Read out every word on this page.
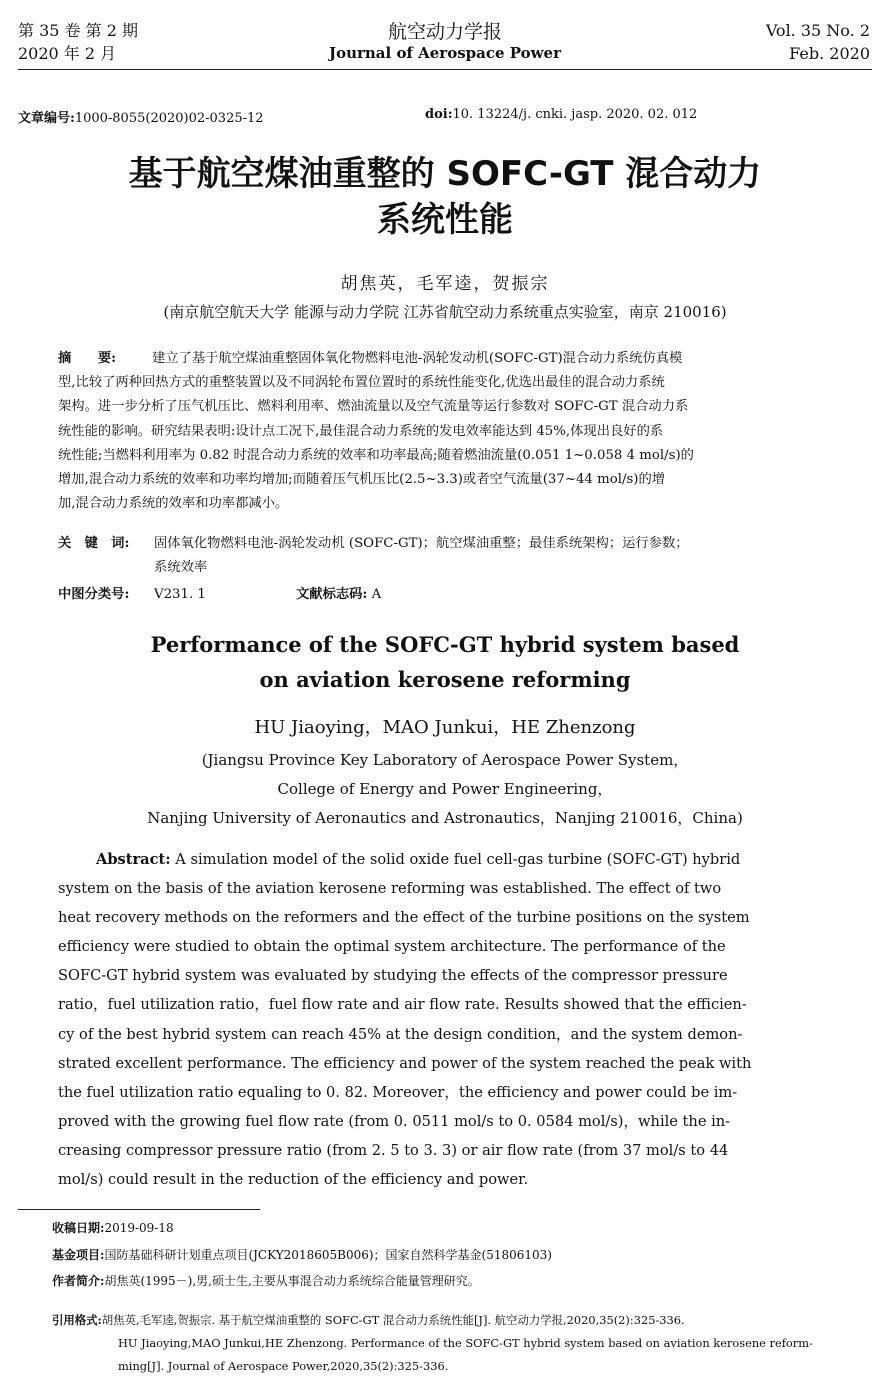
第 35 卷 第 2 期
2020 年 2 月
航空动力学报
Journal of Aerospace Power
Vol. 35 No. 2
Feb. 2020
文章编号:1000-8055(2020)02-0325-12	doi:10. 13224/j. cnki. jasp. 2020. 02. 012
基于航空煤油重整的 SOFC-GT 混合动力
系统性能
胡焦英，毛军逵，贺振宗
(南京航空航天大学 能源与动力学院 江苏省航空动力系统重点实验室，南京 210016)
摘　　要:	建立了基于航空煤油重整固体氧化物燃料电池-涡轮发动机(SOFC-GT)混合动力系统仿真模
型,比较了两种回热方式的重整装置以及不同涡轮布置位置时的系统性能变化,优选出最佳的混合动力系统
架构。进一步分析了压气机压比、燃料利用率、燃油流量以及空气流量等运行参数对 SOFC-GT 混合动力系
统性能的影响。研究结果表明:设计点工况下,最佳混合动力系统的发电效率能达到 45%,体现出良好的系
统性能;当燃料利用率为 0.82 时混合动力系统的效率和功率最高;随着燃油流量(0.051 1~0.058 4 mol/s)的
增加,混合动力系统的效率和功率均增加;而随着压气机压比(2.5~3.3)或者空气流量(37~44 mol/s)的增
加,混合动力系统的效率和功率都减小。
关　键　词: 固体氧化物燃料电池-涡轮发动机 (SOFC-GT)；航空煤油重整；最佳系统架构；运行参数；
系统效率
中图分类号: V231. 1	文献标志码: A
Performance of the SOFC-GT hybrid system based
on aviation kerosene reforming
HU Jiaoying，MAO Junkui，HE Zhenzong
(Jiangsu Province Key Laboratory of Aerospace Power System，
College of Energy and Power Engineering，
Nanjing University of Aeronautics and Astronautics，Nanjing 210016，China)
Abstract: A simulation model of the solid oxide fuel cell-gas turbine (SOFC-GT) hybrid
system on the basis of the aviation kerosene reforming was established. The effect of two
heat recovery methods on the reformers and the effect of the turbine positions on the system
efficiency were studied to obtain the optimal system architecture. The performance of the
SOFC-GT hybrid system was evaluated by studying the effects of the compressor pressure
ratio，fuel utilization ratio，fuel flow rate and air flow rate. Results showed that the efficien-
cy of the best hybrid system can reach 45% at the design condition，and the system demon-
strated excellent performance. The efficiency and power of the system reached the peak with
the fuel utilization ratio equaling to 0. 82. Moreover，the efficiency and power could be im-
proved with the growing fuel flow rate (from 0. 0511 mol/s to 0. 0584 mol/s)，while the in-
creasing compressor pressure ratio (from 2. 5 to 3. 3) or air flow rate (from 37 mol/s to 44
mol/s) could result in the reduction of the efficiency and power.
收稿日期:2019-09-18
基金项目:国防基础科研计划重点项目(JCKY2018605B006)；国家自然科学基金(51806103)
作者简介:胡焦英(1995－),男,硕士生,主要从事混合动力系统综合能量管理研究。
引用格式:胡焦英,毛军逵,贺振宗. 基于航空煤油重整的 SOFC-GT 混合动力系统性能[J]. 航空动力学报,2020,35(2):325-336.
HU Jiaoying,MAO Junkui,HE Zhenzong. Performance of the SOFC-GT hybrid system based on aviation kerosene reform-
ming[J]. Journal of Aerospace Power,2020,35(2):325-336.
